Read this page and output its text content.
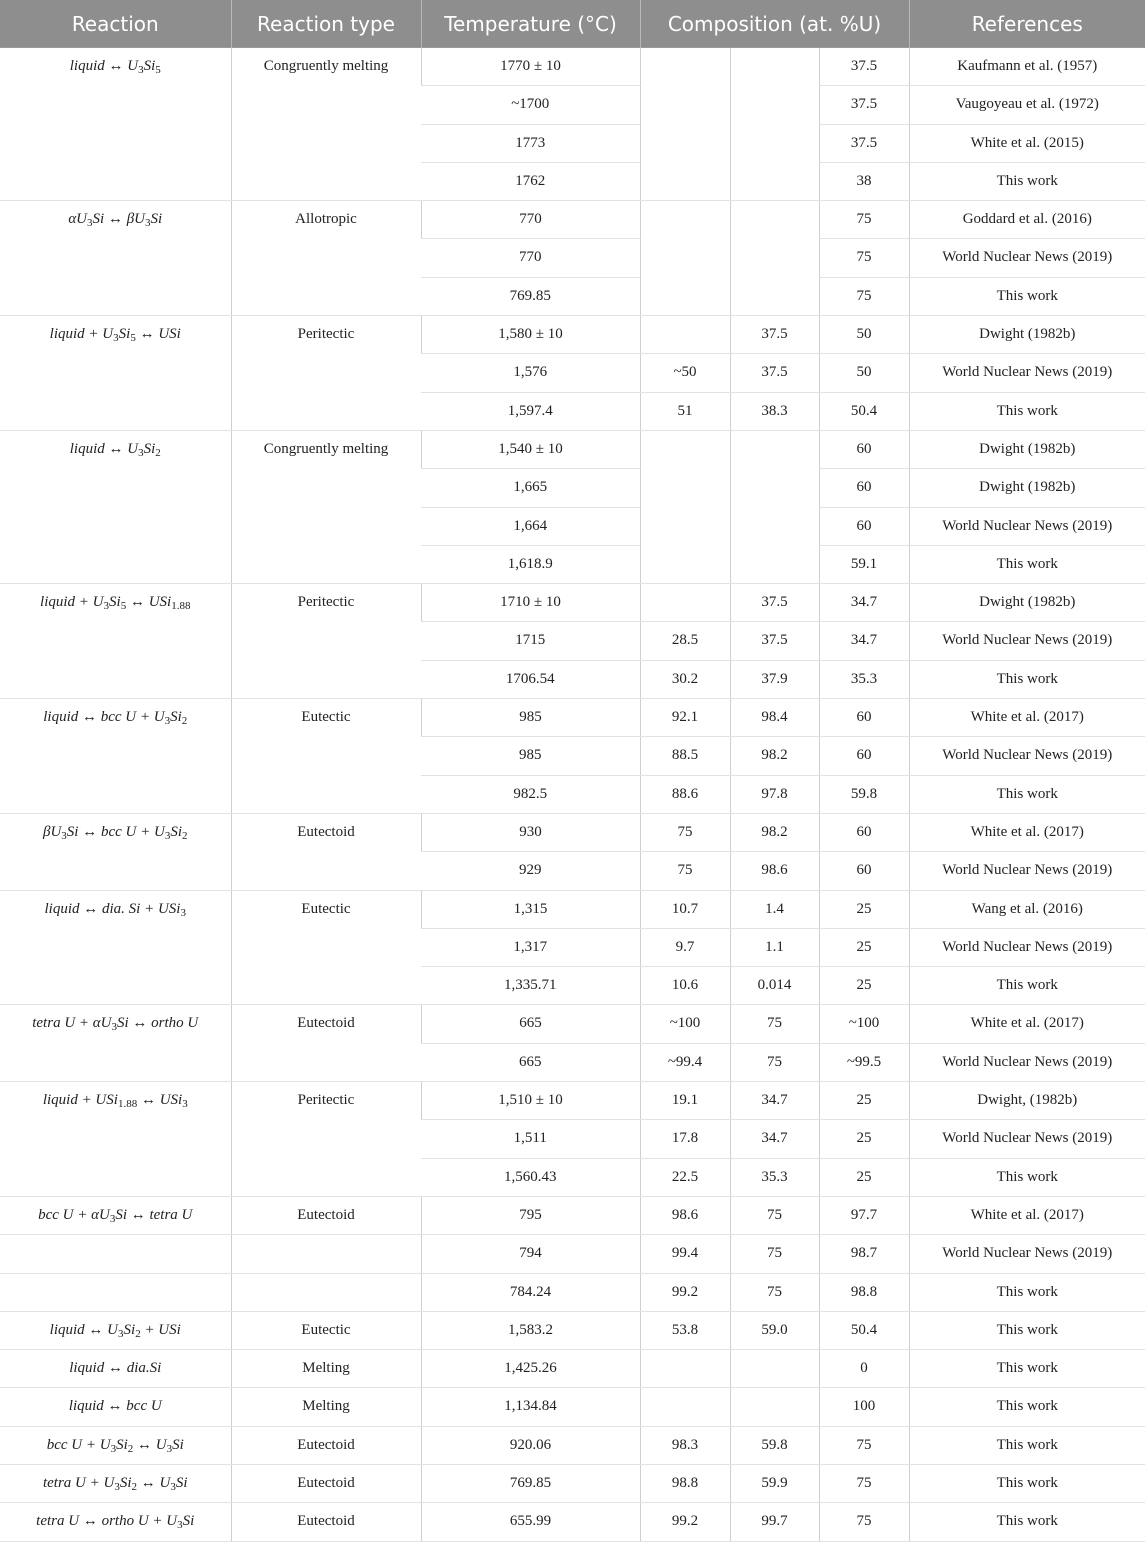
Reaction	Reaction type	Temperature (°C)	Composition (at. %U)			References
liquid ↔ $U_3Si_5$	Congruently melting	1770 ± 10			37.5	Kaufmann et al. (1957)
		~1700			37.5	Vaugoyeau et al. (1972)
		1773			37.5	White et al. (2015)
		1762			38	This work
$\alpha U_3Si$ ↔ $\beta U_3Si$	Allotropic	770			75	Goddard et al. (2016)
		770			75	World Nuclear News (2019)
		769.85			75	This work
liquid + $U_3Si_5$ ↔ USi	Peritectic	1,580 ± 10		37.5	50	Dwight (1982b)
		1,576	~50	37.5	50	World Nuclear News (2019)
		1,597.4	51	38.3	50.4	This work
liquid ↔ $U_3Si_2$	Congruently melting	1,540 ± 10			60	Dwight (1982b)
		1,665			60	Dwight (1982b)
		1,664			60	World Nuclear News (2019)
		1,618.9			59.1	This work
liquid + $U_3Si_5$ ↔ USi$_{1.88}$	Peritectic	1710 ± 10		37.5	34.7	Dwight (1982b)
		1715	28.5	37.5	34.7	World Nuclear News (2019)
		1706.54	30.2	37.9	35.3	This work
liquid ↔ bcc $U + U_3Si_2$	Eutectic	985	92.1	98.4	60	White et al. (2017)
		985	88.5	98.2	60	World Nuclear News (2019)
		982.5	88.6	97.8	59.8	This work
$\beta U_3Si$ ↔ bcc $U + U_3Si_2$	Eutectoid	930	75	98.2	60	White et al. (2017)
		929	75	98.6	60	World Nuclear News (2019)
liquid ↔ dia. Si + USi$_3$	Eutectic	1,315	10.7	1.4	25	Wang et al. (2016)
		1,317	9.7	1.1	25	World Nuclear News (2019)
		1,335.71	10.6	0.014	25	This work
tetra $U + \alpha U_3Si$ ↔ ortho U	Eutectoid	665	~100	75	~100	White et al. (2017)
		665	~99.4	75	~99.5	World Nuclear News (2019)
liquid + USi$_{1.88}$ ↔ USi$_3$	Peritectic	1,510 ± 10	19.1	34.7	25	Dwight, (1982b)
		1,511	17.8	34.7	25	World Nuclear News (2019)
		1,560.43	22.5	35.3	25	This work
bcc $U + \alpha U_3Si$ ↔ tetra U	Eutectoid	795	98.6	75	97.7	White et al. (2017)
		794	99.4	75	98.7	World Nuclear News (2019)
		784.24	99.2	75	98.8	This work
liquid ↔ $U_3Si_2$ + USi	Eutectic	1,583.2	53.8	59.0	50.4	This work
liquid ↔ dia.Si	Melting	1,425.26			0	This work
liquid ↔ bcc U	Melting	1,134.84			100	This work
bcc $U + U_3Si_2$ ↔ $U_3Si$	Eutectoid	920.06	98.3	59.8	75	This work
tetra $U + U_3Si_2$ ↔ $U_3Si$	Eutectoid	769.85	98.8	59.9	75	This work
tetra U ↔ ortho $U + U_3Si$	Eutectoid	655.99	99.2	99.7	75	This work
